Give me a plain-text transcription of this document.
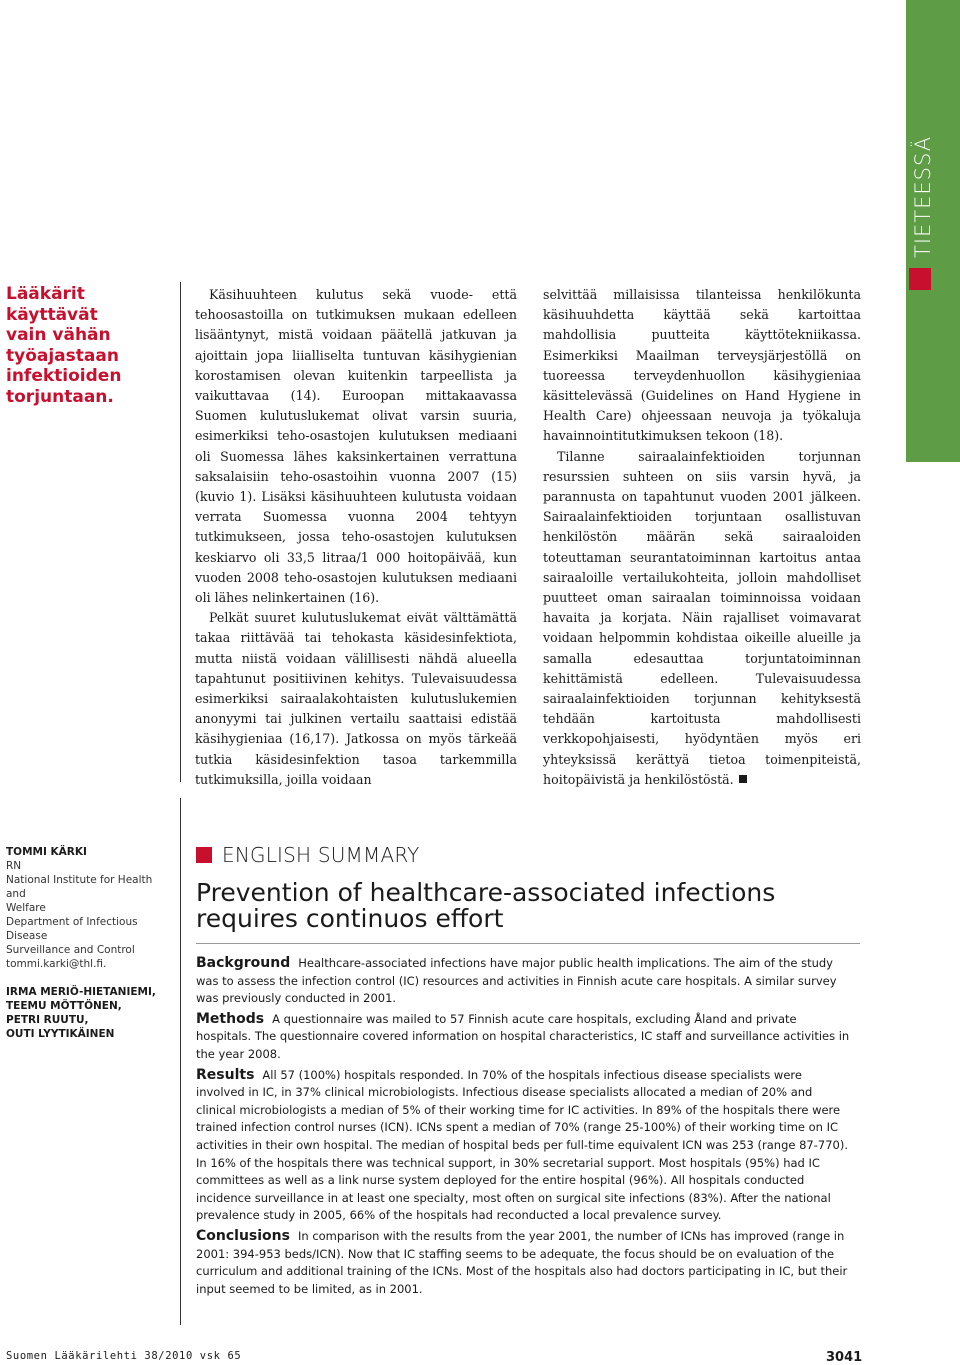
TIETEESSÄ
Lääkärit
käyttävät
vain vähän
työajastaan
infektioiden
torjuntaan.

Käsihuuhteen kulutus sekä vuode- että tehoosastoilla on tutkimuksen mukaan edelleen lisääntynyt, mistä voidaan päätellä jatkuvan ja ajoittain jopa liialliselta tuntuvan käsihygienian korostamisen olevan kuitenkin tarpeellista ja vaikuttavaa (14). Euroopan mittakaavassa Suomen kulutuslukemat olivat varsin suuria, esimerkiksi teho-osastojen kulutuksen mediaani oli Suomessa lähes kaksinkertainen verrattuna saksalaisiin teho-osastoihin vuonna 2007 (15) (kuvio 1). Lisäksi käsihuuhteen kulutusta voidaan verrata Suomessa vuonna 2004 tehtyyn tutkimukseen, jossa teho-osastojen kulutuksen keskiarvo oli 33,5 litraa/1 000 hoitopäivää, kun vuoden 2008 teho-osastojen kulutuksen mediaani oli lähes nelinkertainen (16).

Pelkät suuret kulutuslukemat eivät välttämättä takaa riittävää tai tehokasta käsidesinfektiota, mutta niistä voidaan välillisesti nähdä alueella tapahtunut positiivinen kehitys. Tulevaisuudessa esimerkiksi sairaalakohtaisten kulutuslukemien anonyymi tai julkinen vertailu saattaisi edistää käsihygieniaa (16,17). Jatkossa on myös tärkeää tutkia käsidesinfektion tasoa tarkemmilla tutkimuksilla, joilla voidaan

selvittää millaisissa tilanteissa henkilökunta käsihuuhdetta käyttää sekä kartoittaa mahdollisia puutteita käyttötekniikassa. Esimerkiksi Maailman terveysjärjestöllä on tuoreessa terveydenhuollon käsihygieniaa käsittelevässä (Guidelines on Hand Hygiene in Health Care) ohjeessaan neuvoja ja työkaluja havainnointitutkimuksen tekoon (18).

Tilanne sairaalainfektioiden torjunnan resurssien suhteen on siis varsin hyvä, ja parannusta on tapahtunut vuoden 2001 jälkeen. Sairaalainfektioiden torjuntaan osallistuvan henkilöstön määrän sekä sairaaloiden toteuttaman seurantatoiminnan kartoitus antaa sairaaloille vertailukohteita, jolloin mahdolliset puutteet oman sairaalan toiminnoissa voidaan havaita ja korjata. Näin rajalliset voimavarat voidaan helpommin kohdistaa oikeille alueille ja samalla edesauttaa torjuntatoiminnan kehittämistä edelleen. Tulevaisuudessa sairaalainfektioiden torjunnan kehityksestä tehdään kartoitusta mahdollisesti verkkopohjaisesti, hyödyntäen myös eri yhteyksissä kerättyä tietoa toimenpiteistä, hoitopäivistä ja henkilöstöstä.

TOMMI KÄRKI
RN
National Institute for Health and
Welfare
Department of Infectious Disease
Surveillance and Control
tommi.karki@thl.fi.
IRMA MERIÖ-HIETANIEMI,
TEEMU MÖTTÖNEN,
PETRI RUUTU,
OUTI LYYTIKÄINEN
ENGLISH SUMMARY
Prevention of healthcare-associated infections
requires continuos effort

Background Healthcare-associated infections have major public health implications. The aim of the study was to assess the infection control (IC) resources and activities in Finnish acute care hospitals. A similar survey was previously conducted in 2001.

Methods A questionnaire was mailed to 57 Finnish acute care hospitals, excluding Åland and private hospitals. The questionnaire covered information on hospital characteristics, IC staff and surveillance activities in the year 2008.

Results All 57 (100%) hospitals responded. In 70% of the hospitals infectious disease specialists were involved in IC, in 37% clinical microbiologists. Infectious disease specialists allocated a median of 20% and clinical microbiologists a median of 5% of their working time for IC activities. In 89% of the hospitals there were trained infection control nurses (ICN). ICNs spent a median of 70% (range 25-100%) of their working time on IC activities in their own hospital. The median of hospital beds per full-time equivalent ICN was 253 (range 87-770). In 16% of the hospitals there was technical support, in 30% secretarial support. Most hospitals (95%) had IC committees as well as a link nurse system deployed for the entire hospital (96%). All hospitals conducted incidence surveillance in at least one specialty, most often on surgical site infections (83%). After the national prevalence study in 2005, 66% of the hospitals had reconducted a local prevalence survey.

Conclusions In comparison with the results from the year 2001, the number of ICNs has improved (range in 2001: 394-953 beds/ICN). Now that IC staffing seems to be adequate, the focus should be on evaluation of the curriculum and additional training of the ICNs. Most of the hospitals also had doctors participating in IC, but their input seemed to be limited, as in 2001.

Suomen Lääkärilehti 38/2010 vsk 65	3041
